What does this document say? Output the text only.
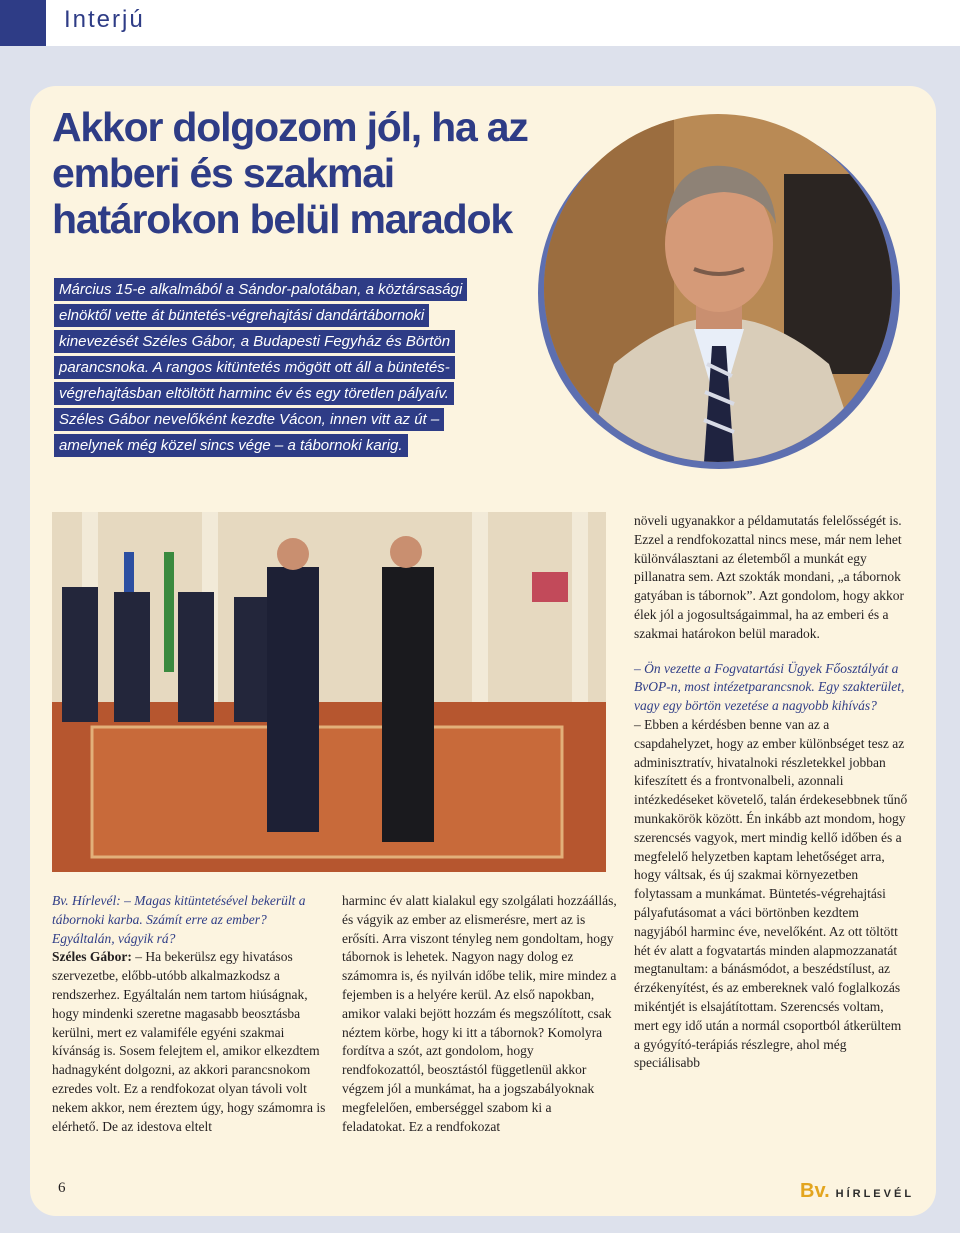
Interjú
Akkor dolgozom jól, ha az emberi és szakmai határokon belül maradok
Március 15-e alkalmából a Sándor-palotában, a köztársasági
elnöktől vette át büntetés-végrehajtási dandártábornoki
kinevezését Széles Gábor, a Budapesti Fegyház és Börtön
parancsnoka. A rangos kitüntetés mögött ott áll a büntetés-
végrehajtásban eltöltött harminc év és egy töretlen pályaív.
Széles Gábor nevelőként kezdte Vácon, innen vitt az út –
amelynek még közel sincs vége – a tábornoki karig.

Bv. Hírlevél: – Magas kitüntetésével bekerült a tábornoki karba. Számít erre az ember? Egyáltalán, vágyik rá?

Széles Gábor: – Ha bekerülsz egy hivatásos szervezetbe, előbb-utóbb alkalmazkodsz a rendszerhez. Egyáltalán nem tartom hiúságnak, hogy mindenki szeretne magasabb beosztásba kerülni, mert ez valamiféle egyéni szakmai kívánság is. Sosem felejtem el, amikor elkezdtem hadnagyként dolgozni, az akkori parancsnokom ezredes volt. Ez a rendfokozat olyan távoli volt nekem akkor, nem éreztem úgy, hogy számomra is elérhető. De az idestova eltelt

harminc év alatt kialakul egy szolgálati hozzáállás, és vágyik az ember az elismerésre, mert az is erősíti. Arra viszont tényleg nem gondoltam, hogy tábornok is lehetek. Nagyon nagy dolog ez számomra is, és nyilván időbe telik, mire mindez a fejemben is a helyére kerül. Az első napokban, amikor valaki bejött hozzám és megszólított, csak néztem körbe, hogy ki itt a tábornok? Komolyra fordítva a szót, azt gondolom, hogy rendfokozattól, beosztástól függetlenül akkor végzem jól a munkámat, ha a jogszabályoknak megfelelően, emberséggel szabom ki a feladatokat. Ez a rendfokozat

növeli ugyanakkor a példamutatás felelősségét is. Ezzel a rendfokozattal nincs mese, már nem lehet különválasztani az életemből a munkát egy pillanatra sem. Azt szokták mondani, „a tábornok gatyában is tábornok”. Azt gondolom, hogy akkor élek jól a jogosultságaimmal, ha az emberi és a szakmai határokon belül maradok.

– Ön vezette a Fogvatartási Ügyek Főosztályát a BvOP-n, most intézetparancsnok. Egy szakterület, vagy egy börtön vezetése a nagyobb kihívás?

– Ebben a kérdésben benne van az a csapdahelyzet, hogy az ember különbséget tesz az adminisztratív, hivatalnoki részletekkel jobban kifeszített és a frontvonalbeli, azonnali intézkedéseket követelő, talán érdekesebbnek tűnő munkakörök között. Én inkább azt mondom, hogy szerencsés vagyok, mert mindig kellő időben és a megfelelő helyzetben kaptam lehetőséget arra, hogy váltsak, és új szakmai környezetben folytassam a munkámat. Büntetés-végrehajtási pályafutásomat a váci börtönben kezdtem nagyjából harminc éve, nevelőként. Az ott töltött hét év alatt a fogvatartás minden alapmozzanatát megtanultam: a bánásmódot, a beszédstílust, az érzékenyítést, és az embereknek való foglalkozás mikéntjét is elsajátítottam. Szerencsés voltam, mert egy idő után a normál csoportból átkerültem a gyógyító-terápiás részlegre, ahol még speciálisabb

6	Bv. HÍRLEVÉL
